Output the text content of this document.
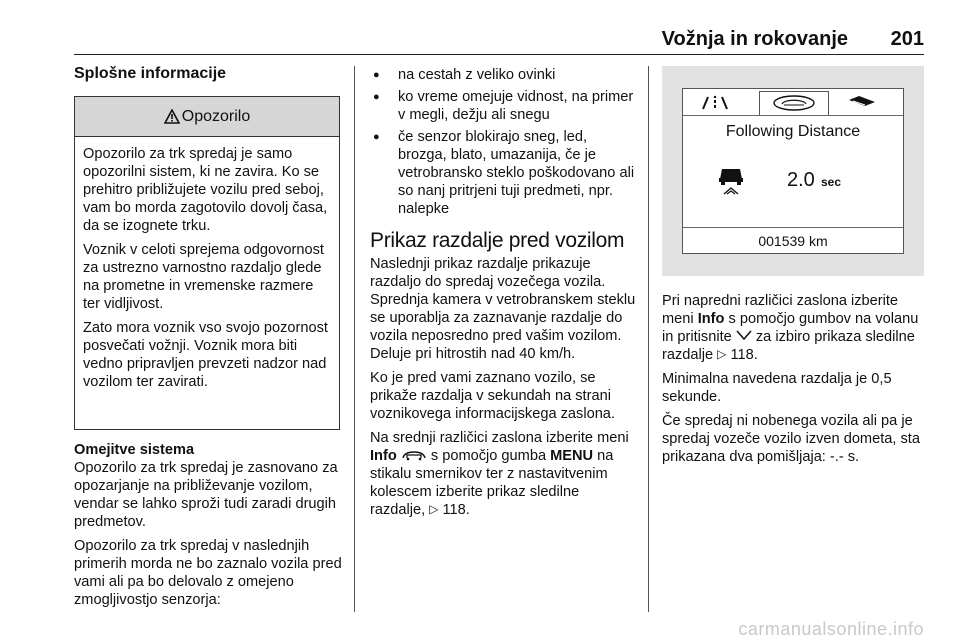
Vožnja in rokovanje 201
Splošne informacije
Opozorilo

Opozorilo za trk spredaj je samo opozorilni sistem, ki ne zavira. Ko se prehitro približujete vozilu pred seboj, vam bo morda zagotovilo dovolj časa, da se izognete trku.

Voznik v celoti sprejema odgovornost za ustrezno varnostno razdaljo glede na prometne in vremenske razmere ter vidljivost.

Zato mora voznik vso svojo pozornost posvečati vožnji. Voznik mora biti vedno pripravljen prevzeti nadzor nad vozilom ter zavirati.

Omejitve sistema

Opozorilo za trk spredaj je zasnovano za opozarjanje na približevanje vozilom, vendar se lahko sproži tudi zaradi drugih predmetov.

Opozorilo za trk spredaj v naslednjih primerih morda ne bo zaznalo vozila pred vami ali pa bo delovalo z omejeno zmogljivostjo senzorja:

● na cestah z veliko ovinki
● ko vreme omejuje vidnost, na primer v megli, dežju ali snegu
● če senzor blokirajo sneg, led, brozga, blato, umazanija, če je vetrobransko steklo poškodovano ali so nanj pritrjeni tuji predmeti, npr. nalepke
Prikaz razdalje pred vozilom

Naslednji prikaz razdalje prikazuje razdaljo do spredaj vozečega vozila. Sprednja kamera v vetrobranskem steklu se uporablja za zaznavanje razdalje do vozila neposredno pred vašim vozilom. Deluje pri hitrostih nad 40 km/h.

Ko je pred vami zaznano vozilo, se prikaže razdalja v sekundah na strani voznikovega informacijskega zaslona.

Na srednji različici zaslona izberite meni Info  s pomočjo gumba MENU na stikalu smernikov ter z nastavitvenim kolescem izberite prikaz sledilne razdalje, ▷ 118.

Following Distance
2.0 sec
001539 km

Pri napredni različici zaslona izberite meni Info s pomočjo gumbov na volanu in pritisnite  za izbiro prikaza sledilne razdalje ▷ 118.

Minimalna navedena razdalja je 0,5 sekunde.

Če spredaj ni nobenega vozila ali pa je spredaj vozeče vozilo izven dometa, sta prikazana dva pomišljaja: -.- s.

carmanualsonline.info
